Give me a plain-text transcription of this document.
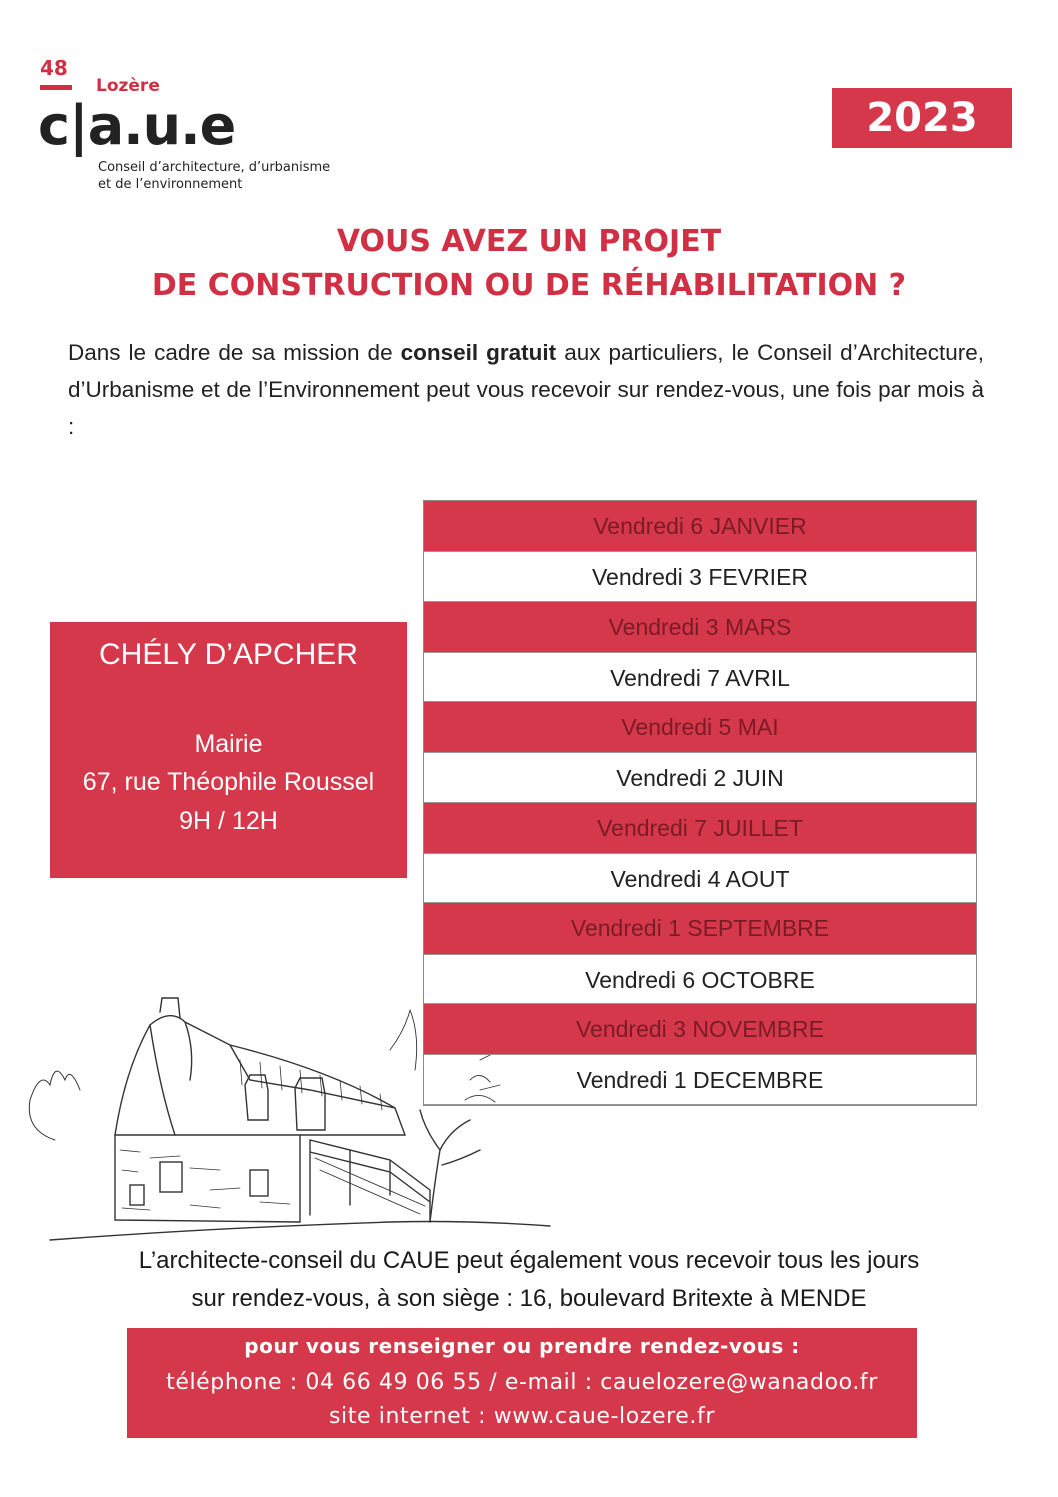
48
Lozère
c|a.u.e
Conseil d’architecture, d’urbanisme
et de l’environnement
2023
VOUS AVEZ UN PROJET
DE CONSTRUCTION OU DE RÉHABILITATION ?

Dans le cadre de sa mission de conseil gratuit aux particuliers, le Conseil d’Architecture, d’Urbanisme et de l’Environnement peut vous recevoir sur rendez-vous, une fois par mois à :

CHÉLY D’APCHER
Mairie
67, rue Théophile Roussel
9H / 12H
Vendredi 6 JANVIER
Vendredi 3 FEVRIER
Vendredi 3 MARS
Vendredi 7 AVRIL
Vendredi 5 MAI
Vendredi 2 JUIN
Vendredi 7 JUILLET
Vendredi 4 AOUT
Vendredi 1 SEPTEMBRE
Vendredi 6 OCTOBRE
Vendredi 3 NOVEMBRE
Vendredi 1 DECEMBRE
L’architecte-conseil du CAUE peut également vous recevoir tous les jours
sur rendez-vous, à son siège : 16, boulevard Britexte à MENDE
pour vous renseigner ou prendre rendez-vous :
téléphone : 04 66 49 06 55 / e-mail : cauelozere@wanadoo.fr
site internet : www.caue-lozere.fr
